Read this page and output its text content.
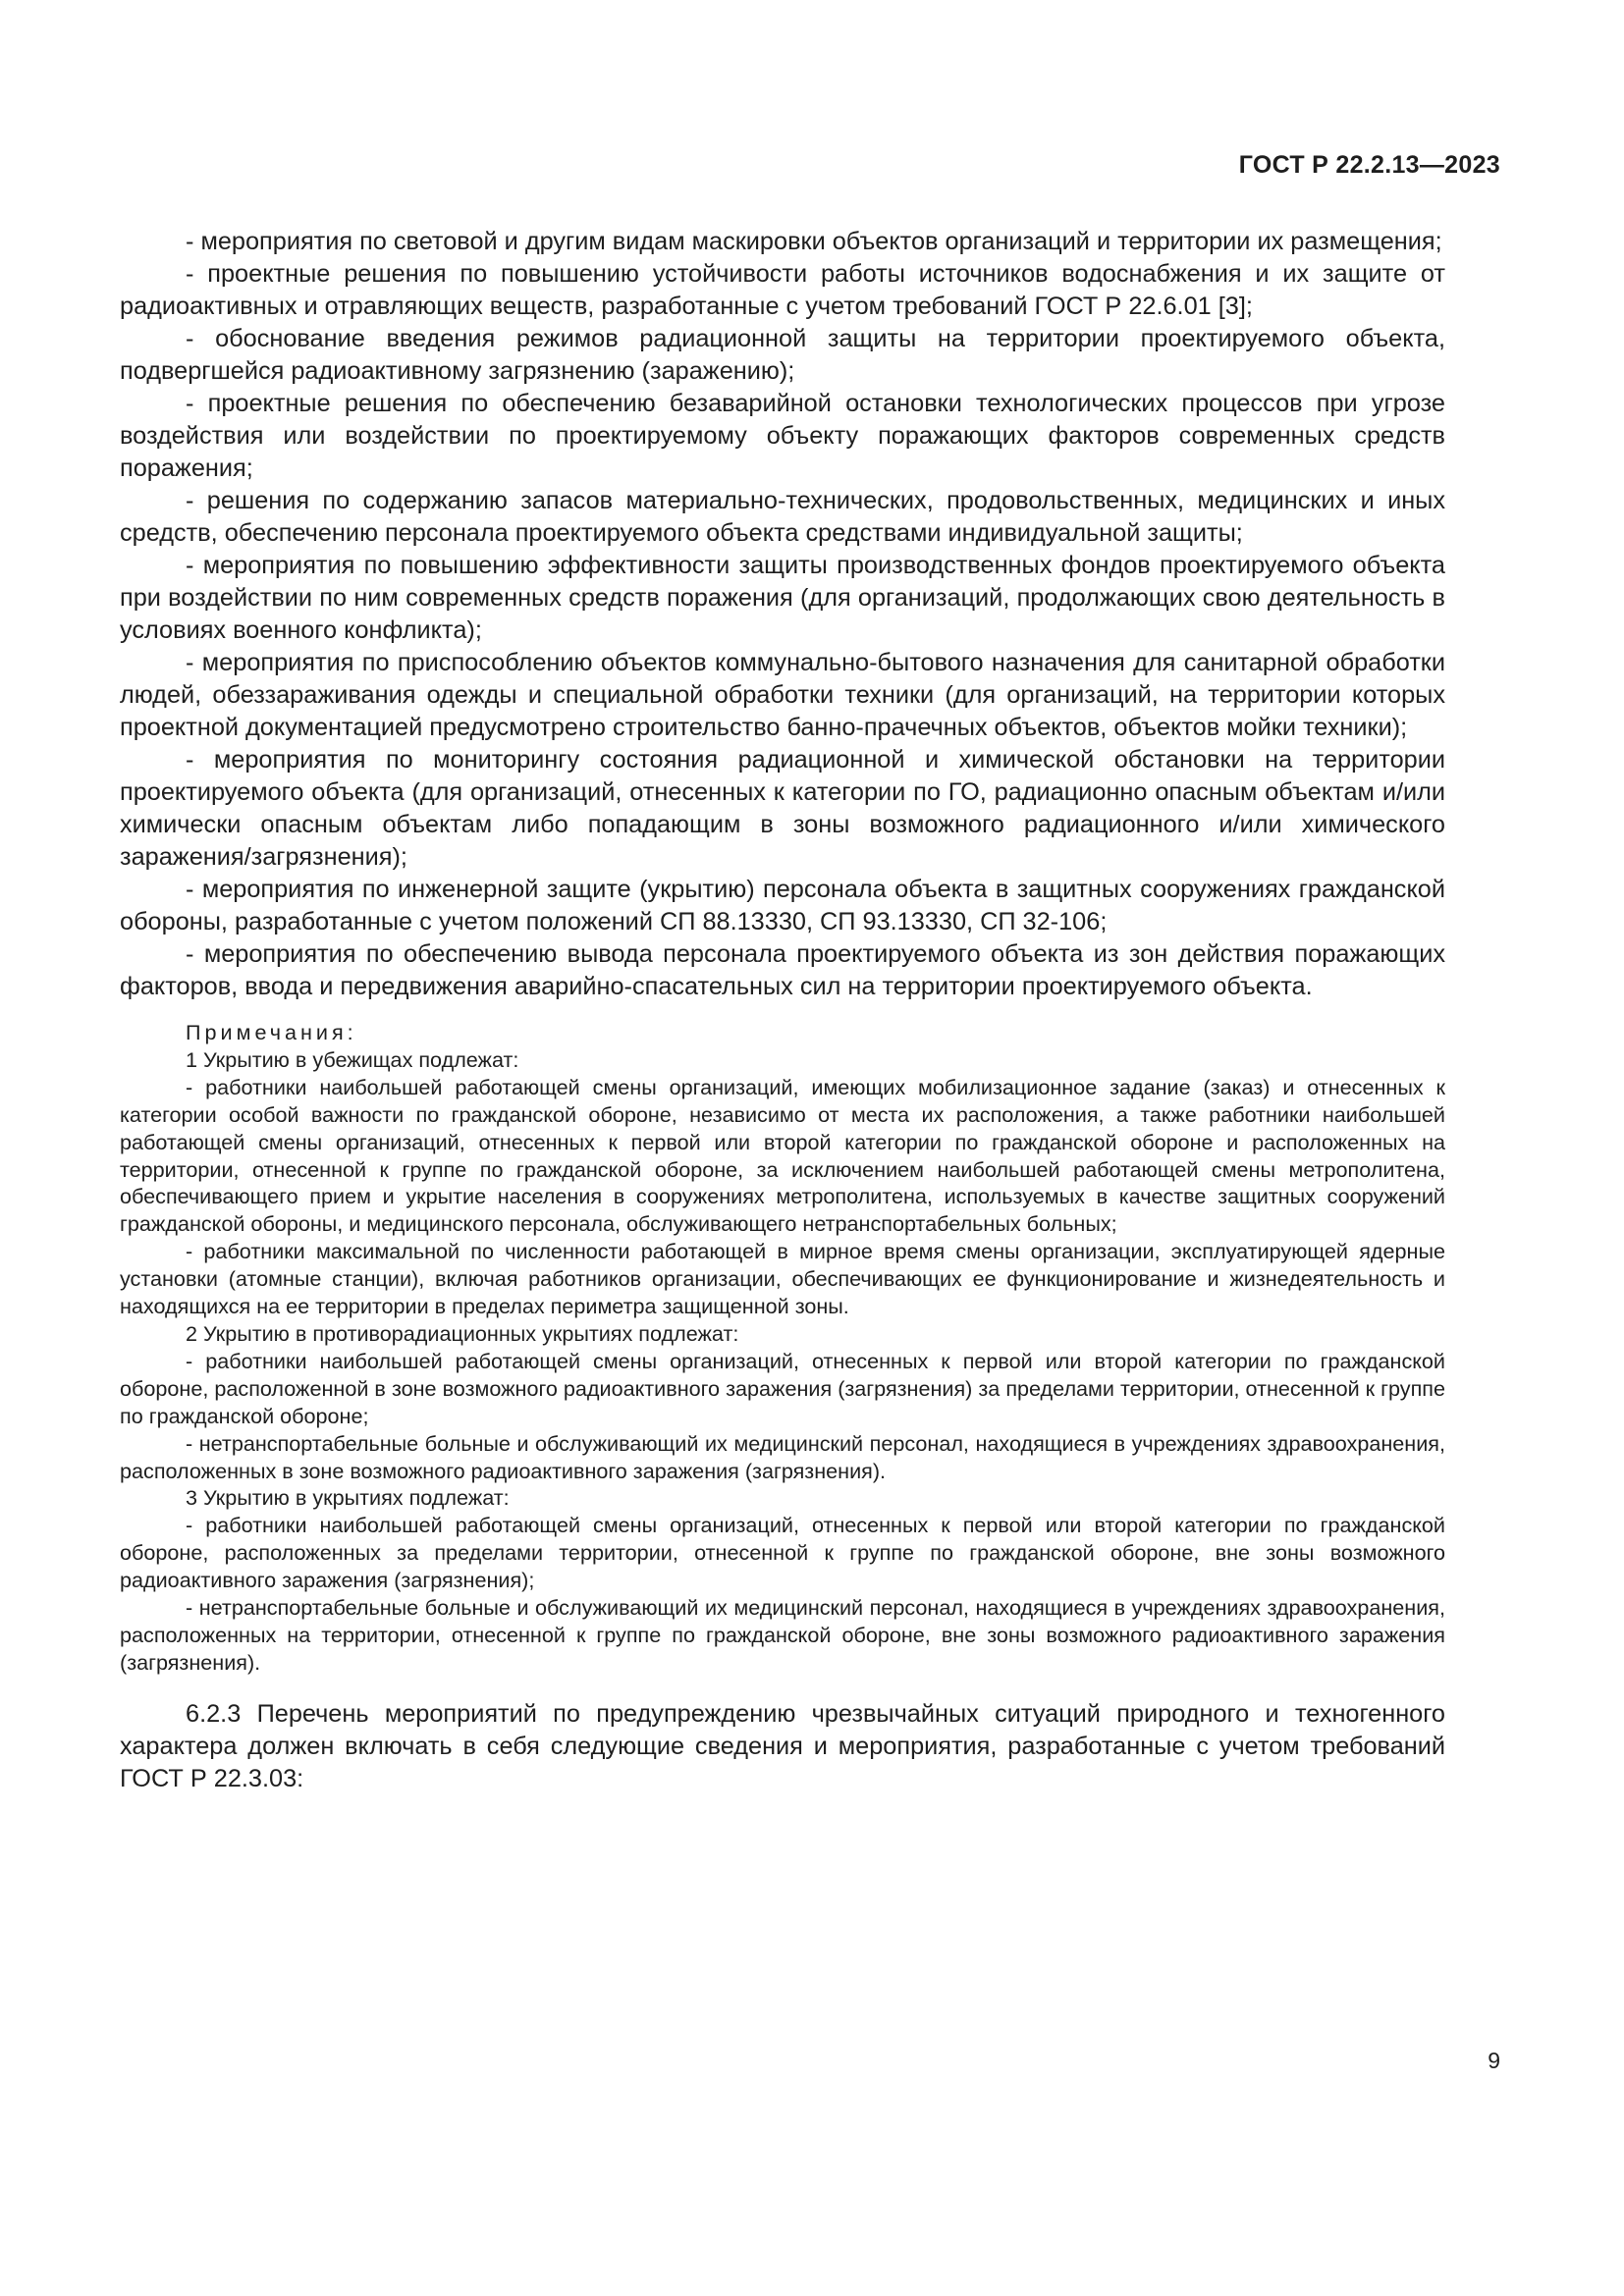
ГОСТ Р 22.2.13—2023

- мероприятия по световой и другим видам маскировки объектов организаций и территории их размещения;

- проектные решения по повышению устойчивости работы источников водоснабжения и их защите от радиоактивных и отравляющих веществ, разработанные с учетом требований ГОСТ Р 22.6.01 [3];

- обоснование введения режимов радиационной защиты на территории проектируемого объекта, подвергшейся радиоактивному загрязнению (заражению);

- проектные решения по обеспечению безаварийной остановки технологических процессов при угрозе воздействия или воздействии по проектируемому объекту поражающих факторов современных средств поражения;

- решения по содержанию запасов материально-технических, продовольственных, медицинских и иных средств, обеспечению персонала проектируемого объекта средствами индивидуальной защиты;

- мероприятия по повышению эффективности защиты производственных фондов проектируемого объекта при воздействии по ним современных средств поражения (для организаций, продолжающих свою деятельность в условиях военного конфликта);

- мероприятия по приспособлению объектов коммунально-бытового назначения для санитарной обработки людей, обеззараживания одежды и специальной обработки техники (для организаций, на территории которых проектной документацией предусмотрено строительство банно-прачечных объектов, объектов мойки техники);

- мероприятия по мониторингу состояния радиационной и химической обстановки на территории проектируемого объекта (для организаций, отнесенных к категории по ГО, радиационно опасным объектам и/или химически опасным объектам либо попадающим в зоны возможного радиационного и/или химического заражения/загрязнения);

- мероприятия по инженерной защите (укрытию) персонала объекта в защитных сооружениях гражданской обороны, разработанные с учетом положений СП 88.13330, СП 93.13330, СП 32-106;

- мероприятия по обеспечению вывода персонала проектируемого объекта из зон действия поражающих факторов, ввода и передвижения аварийно-спасательных сил на территории проектируемого объекта.

Примечания:

1 Укрытию в убежищах подлежат:

- работники наибольшей работающей смены организаций, имеющих мобилизационное задание (заказ) и отнесенных к категории особой важности по гражданской обороне, независимо от места их расположения, а также работники наибольшей работающей смены организаций, отнесенных к первой или второй категории по гражданской обороне и расположенных на территории, отнесенной к группе по гражданской обороне, за исключением наибольшей работающей смены метрополитена, обеспечивающего прием и укрытие населения в сооружениях метрополитена, используемых в качестве защитных сооружений гражданской обороны, и медицинского персонала, обслуживающего нетранспортабельных больных;

- работники максимальной по численности работающей в мирное время смены организации, эксплуатирующей ядерные установки (атомные станции), включая работников организации, обеспечивающих ее функционирование и жизнедеятельность и находящихся на ее территории в пределах периметра защищенной зоны.

2 Укрытию в противорадиационных укрытиях подлежат:

- работники наибольшей работающей смены организаций, отнесенных к первой или второй категории по гражданской обороне, расположенной в зоне возможного радиоактивного заражения (загрязнения) за пределами территории, отнесенной к группе по гражданской обороне;

- нетранспортабельные больные и обслуживающий их медицинский персонал, находящиеся в учреждениях здравоохранения, расположенных в зоне возможного радиоактивного заражения (загрязнения).

3 Укрытию в укрытиях подлежат:

- работники наибольшей работающей смены организаций, отнесенных к первой или второй категории по гражданской обороне, расположенных за пределами территории, отнесенной к группе по гражданской обороне, вне зоны возможного радиоактивного заражения (загрязнения);

- нетранспортабельные больные и обслуживающий их медицинский персонал, находящиеся в учреждениях здравоохранения, расположенных на территории, отнесенной к группе по гражданской обороне, вне зоны возможного радиоактивного заражения (загрязнения).

6.2.3 Перечень мероприятий по предупреждению чрезвычайных ситуаций природного и техногенного характера должен включать в себя следующие сведения и мероприятия, разработанные с учетом требований ГОСТ Р 22.3.03:

9
